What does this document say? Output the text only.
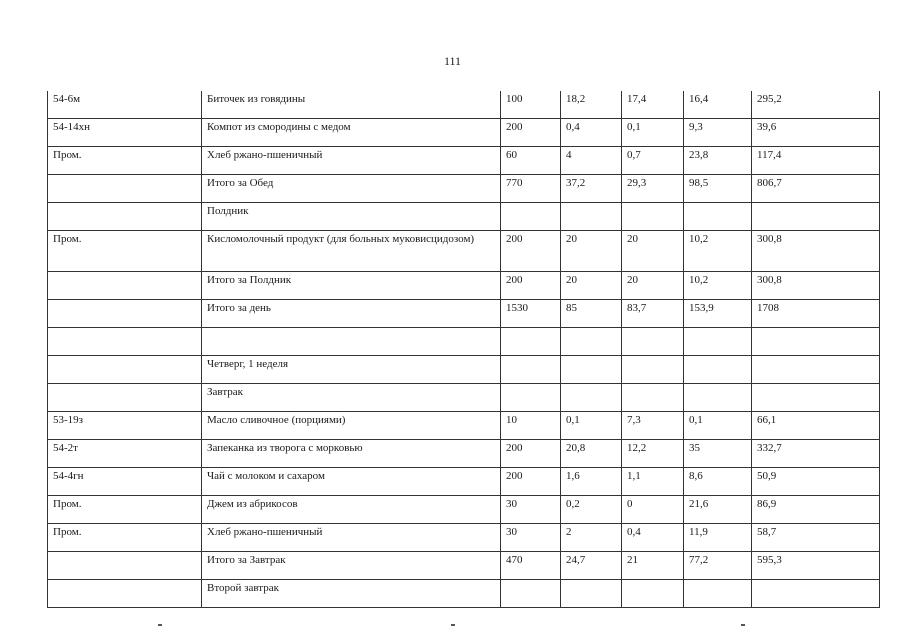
111
54-6м	Биточек из говядины	100	18,2	17,4	16,4	295,2
54-14хн	Компот из смородины с медом	200	0,4	0,1	9,3	39,6
Пром.	Хлеб ржано-пшеничный	60	4	0,7	23,8	117,4
	Итого за Обед	770	37,2	29,3	98,5	806,7
	Полдник					
Пром.	Кисломолочный продукт (для больных муковисцидозом)	200	20	20	10,2	300,8
	Итого за Полдник	200	20	20	10,2	300,8
	Итого за день	1530	85	83,7	153,9	1708

	Четверг, 1 неделя					
	Завтрак					
53-19з	Масло сливочное (порциями)	10	0,1	7,3	0,1	66,1
54-2т	Запеканка из творога с морковью	200	20,8	12,2	35	332,7
54-4гн	Чай с молоком и сахаром	200	1,6	1,1	8,6	50,9
Пром.	Джем из абрикосов	30	0,2	0	21,6	86,9
Пром.	Хлеб ржано-пшеничный	30	2	0,4	11,9	58,7
	Итого за Завтрак	470	24,7	21	77,2	595,3
	Второй завтрак					
